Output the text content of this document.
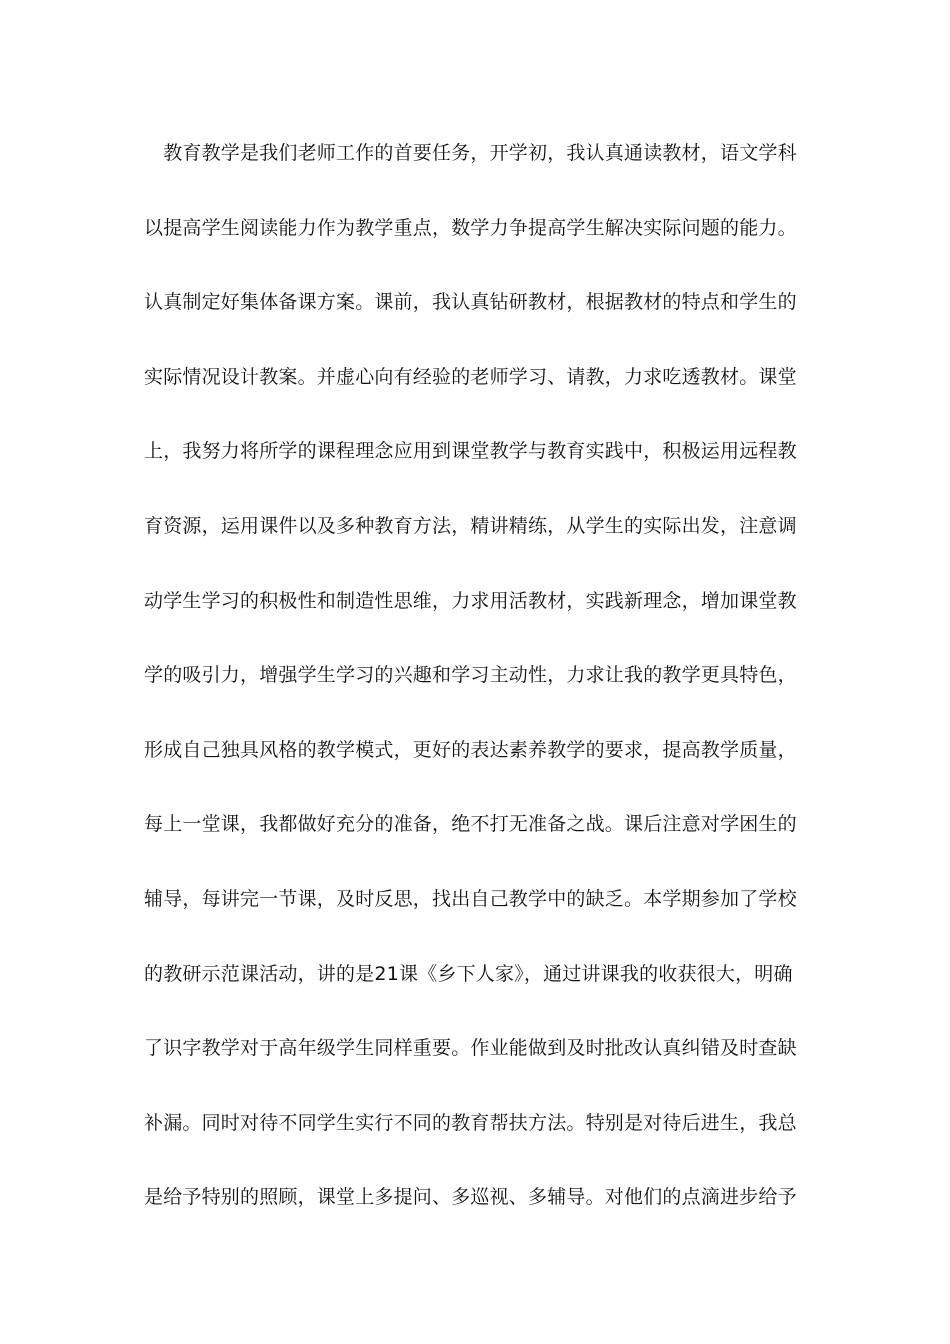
　教育教学是我们老师工作的首要任务，开学初，我认真通读教材，语文学科
以提高学生阅读能力作为教学重点，数学力争提高学生解决实际问题的能力。
认真制定好集体备课方案。课前，我认真钻研教材，根据教材的特点和学生的
实际情况设计教案。并虚心向有经验的老师学习、请教，力求吃透教材。课堂
上，我努力将所学的课程理念应用到课堂教学与教育实践中，积极运用远程教
育资源，运用课件以及多种教育方法，精讲精练，从学生的实际出发，注意调
动学生学习的积极性和制造性思维，力求用活教材，实践新理念，增加课堂教
学的吸引力，增强学生学习的兴趣和学习主动性，力求让我的教学更具特色，
形成自己独具风格的教学模式，更好的表达素养教学的要求，提高教学质量，
每上一堂课，我都做好充分的准备，绝不打无准备之战。课后注意对学困生的
辅导，每讲完一节课，及时反思，找出自己教学中的缺乏。本学期参加了学校
的教研示范课活动，讲的是21课《乡下人家》，通过讲课我的收获很大，明确
了识字教学对于高年级学生同样重要。作业能做到及时批改认真纠错及时查缺
补漏。同时对待不同学生实行不同的教育帮扶方法。特别是对待后进生，我总
是给予特别的照顾，课堂上多提问、多巡视、多辅导。对他们的点滴进步给予
